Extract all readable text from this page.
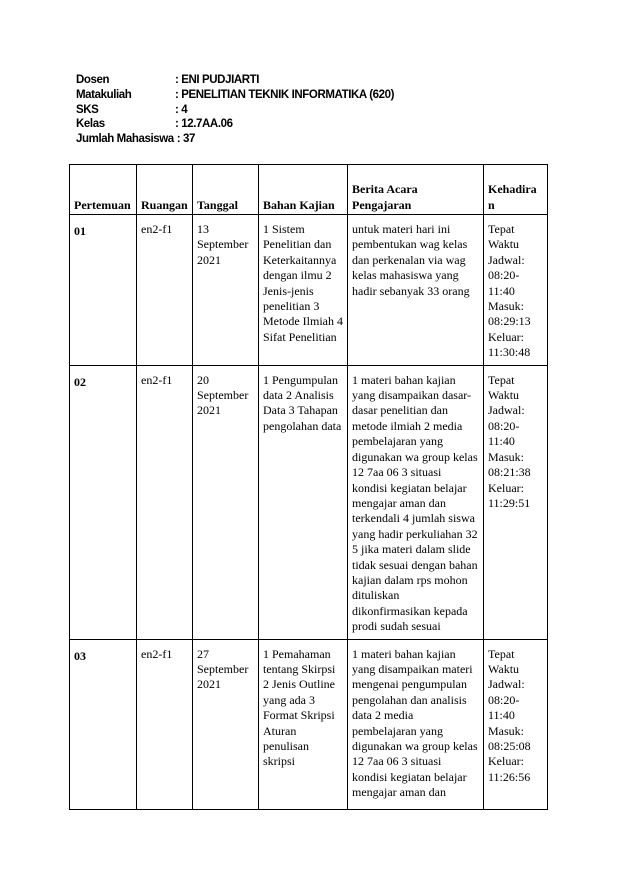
Dosen	: ENI PUDJIARTI
Matakuliah	: PENELITIAN TEKNIK INFORMATIKA (620)
SKS	: 4
Kelas	: 12.7AA.06
Jumlah Mahasiswa : 37
Pertemuan	Ruangan	Tanggal	Bahan Kajian	Berita Acara Pengajaran	Kehadiran
01	en2-f1	13 September 2021	1 Sistem Penelitian dan Keterkaitannya dengan ilmu 2 Jenis-jenis penelitian 3 Metode Ilmiah 4 Sifat Penelitian	untuk materi hari ini pembentukan wag kelas dan perkenalan via wag kelas mahasiswa yang hadir sebanyak 33 orang	Tepat Waktu Jadwal: 08:20-11:40 Masuk: 08:29:13 Keluar: 11:30:48
02	en2-f1	20 September 2021	1 Pengumpulan data 2 Analisis Data 3 Tahapan pengolahan data	1 materi bahan kajian yang disampaikan dasar-dasar penelitian dan metode ilmiah 2 media pembelajaran yang digunakan wa group kelas 12 7aa 06 3 situasi kondisi kegiatan belajar mengajar aman dan terkendali 4 jumlah siswa yang hadir perkuliahan 32 5 jika materi dalam slide tidak sesuai dengan bahan kajian dalam rps mohon dituliskan dikonfirmasikan kepada prodi sudah sesuai	Tepat Waktu Jadwal: 08:20-11:40 Masuk: 08:21:38 Keluar: 11:29:51
03	en2-f1	27 September 2021	1 Pemahaman tentang Skirpsi 2 Jenis Outline yang ada 3 Format Skripsi Aturan penulisan skripsi	1 materi bahan kajian yang disampaikan materi mengenai pengumpulan pengolahan dan analisis data 2 media pembelajaran yang digunakan wa group kelas 12 7aa 06 3 situasi kondisi kegiatan belajar mengajar aman dan	Tepat Waktu Jadwal: 08:20-11:40 Masuk: 08:25:08 Keluar: 11:26:56
